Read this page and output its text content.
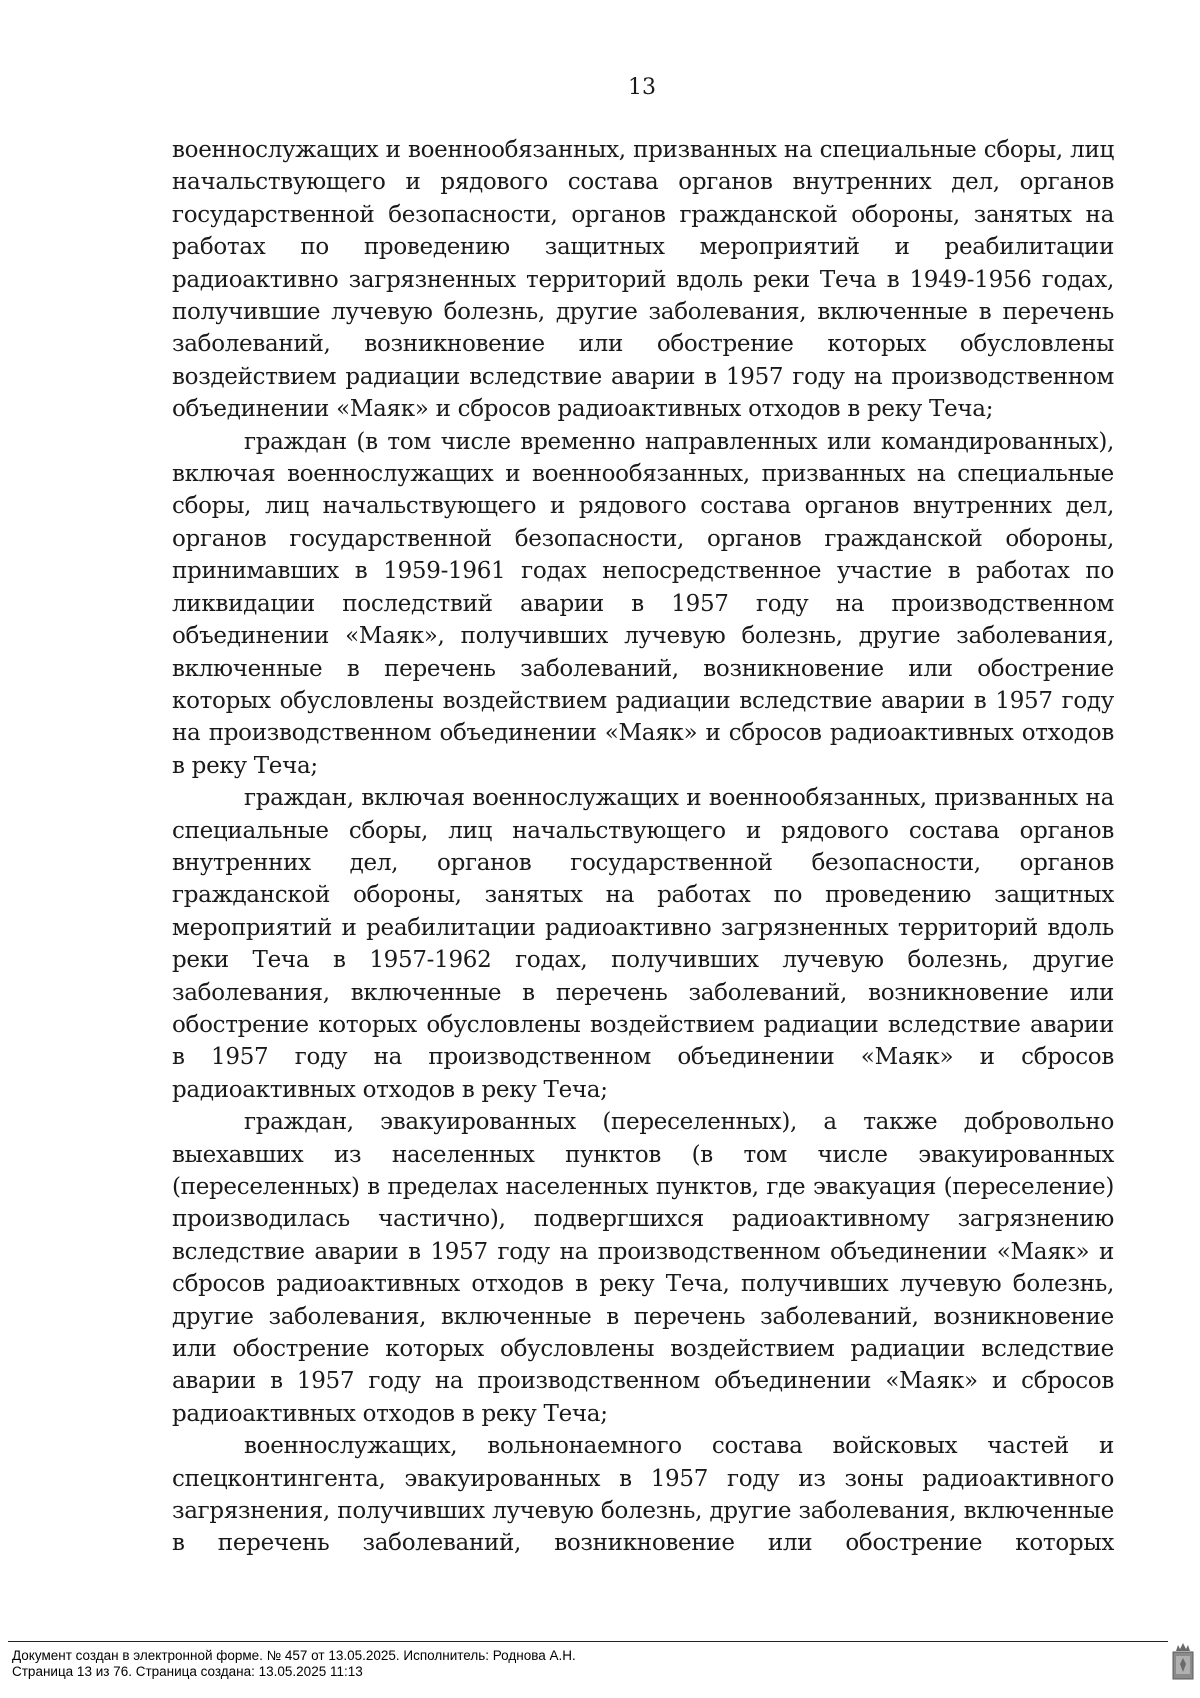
13

военнослужащих и военнообязанных, призванных на специальные сборы, лиц начальствующего и рядового состава органов внутренних дел, органов государственной безопасности, органов гражданской обороны, занятых на работах по проведению защитных мероприятий и реабилитации радиоактивно загрязненных территорий вдоль реки Теча в 1949-1956 годах, получившие лучевую болезнь, другие заболевания, включенные в перечень заболеваний, возникновение или обострение которых обусловлены воздействием радиации вследствие аварии в 1957 году на производственном объединении «Маяк» и сбросов радиоактивных отходов в реку Теча;

граждан (в том числе временно направленных или командированных), включая военнослужащих и военнообязанных, призванных на специальные сборы, лиц начальствующего и рядового состава органов внутренних дел, органов государственной безопасности, органов гражданской обороны, принимавших в 1959-1961 годах непосредственное участие в работах по ликвидации последствий аварии в 1957 году на производственном объединении «Маяк», получивших лучевую болезнь, другие заболевания, включенные в перечень заболеваний, возникновение или обострение которых обусловлены воздействием радиации вследствие аварии в 1957 году на производственном объединении «Маяк» и сбросов радиоактивных отходов в реку Теча;

граждан, включая военнослужащих и военнообязанных, призванных на специальные сборы, лиц начальствующего и рядового состава органов внутренних дел, органов государственной безопасности, органов гражданской обороны, занятых на работах по проведению защитных мероприятий и реабилитации радиоактивно загрязненных территорий вдоль реки Теча в 1957-1962 годах, получивших лучевую болезнь, другие заболевания, включенные в перечень заболеваний, возникновение или обострение которых обусловлены воздействием радиации вследствие аварии в 1957 году на производственном объединении «Маяк» и сбросов радиоактивных отходов в реку Теча;

граждан, эвакуированных (переселенных), а также добровольно выехавших из населенных пунктов (в том числе эвакуированных (переселенных) в пределах населенных пунктов, где эвакуация (переселение) производилась частично), подвергшихся радиоактивному загрязнению вследствие аварии в 1957 году на производственном объединении «Маяк» и сбросов радиоактивных отходов в реку Теча, получивших лучевую болезнь, другие заболевания, включенные в перечень заболеваний, возникновение или обострение которых обусловлены воздействием радиации вследствие аварии в 1957 году на производственном объединении «Маяк» и сбросов радиоактивных отходов в реку Теча;

военнослужащих, вольнонаемного состава войсковых частей и спецконтингента, эвакуированных в 1957 году из зоны радиоактивного загрязнения, получивших лучевую болезнь, другие заболевания, включенные в перечень заболеваний, возникновение или обострение которых

Документ создан в электронной форме. № 457 от 13.05.2025. Исполнитель: Роднова А.Н.
Страница 13 из 76. Страница создана: 13.05.2025 11:13
